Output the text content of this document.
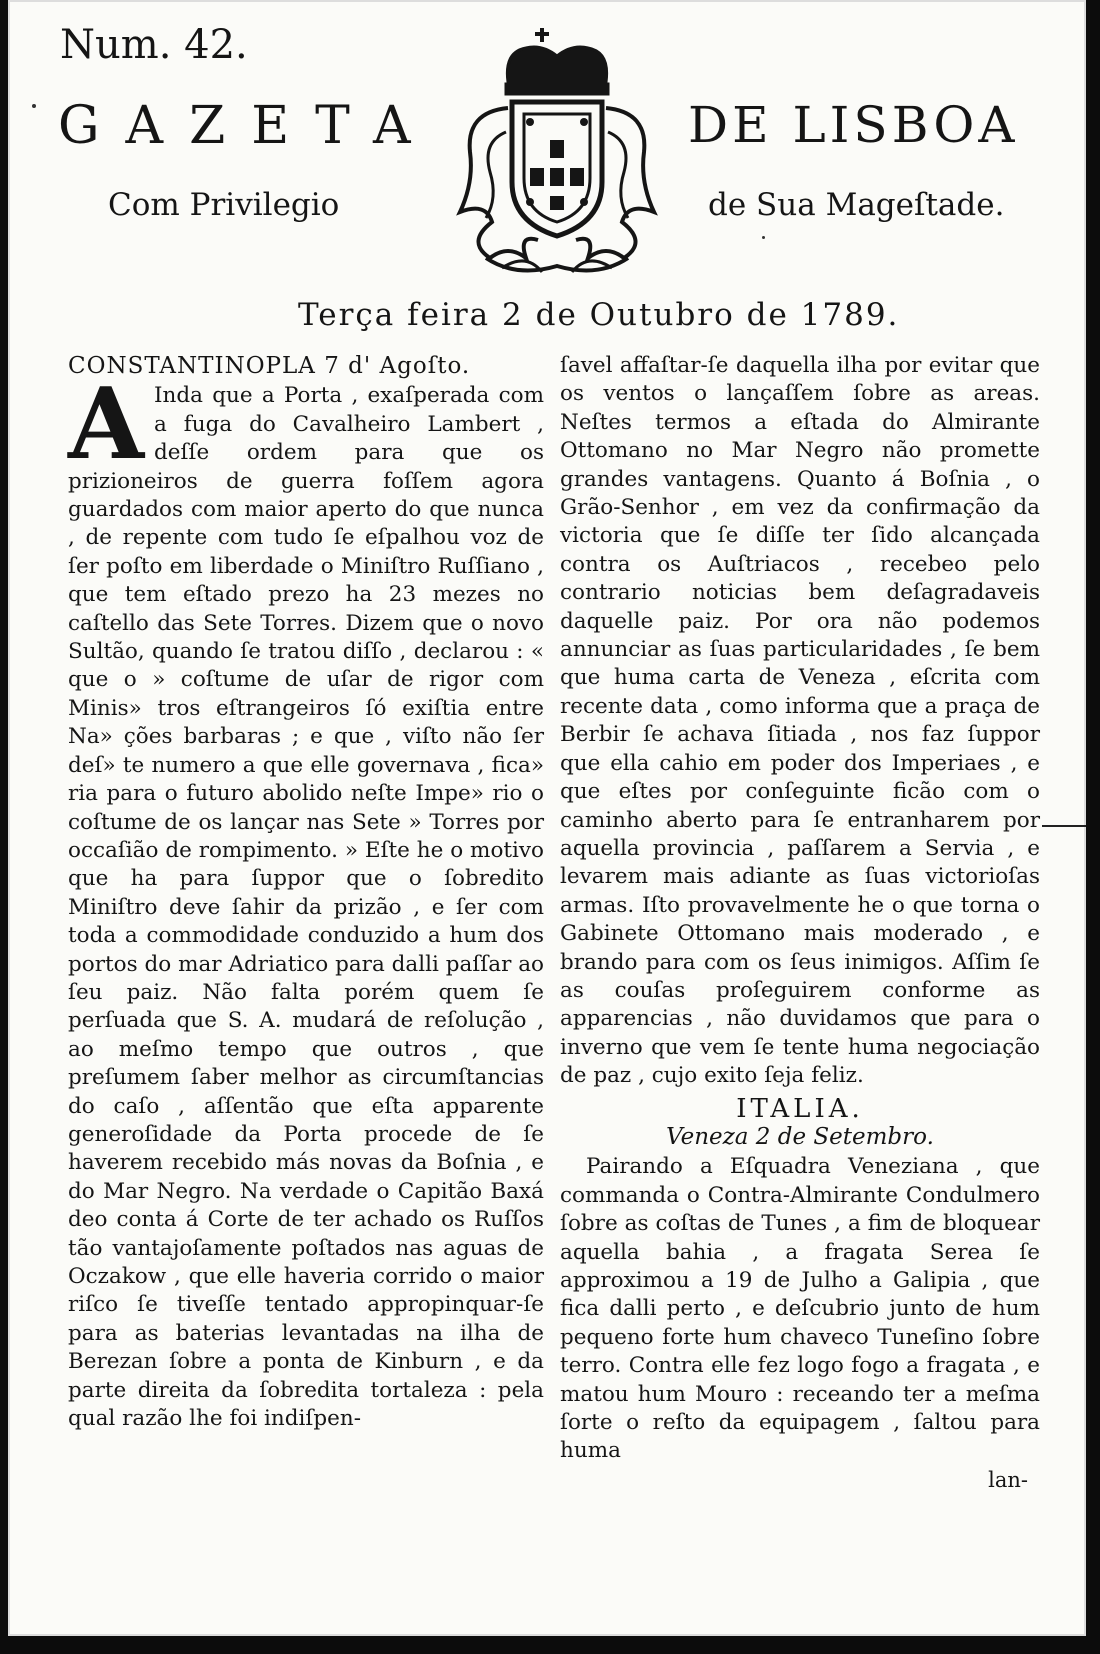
Num. 42.
GAZETA	DE LISBOA
Com Privilegio	de Sua Mageſtade.
Terça feira 2 de Outubro de 1789.
CONSTANTINOPLA 7 d' Agoſto.

A Inda que a Porta , exaſperada com a fuga do Cavalheiro Lambert , deſſe ordem para que os prizioneiros de guerra foſſem agora guardados com maior aperto do que nunca , de repente com tudo ſe eſpalhou voz de ſer poſto em liberdade o Miniſtro Ruſſiano , que tem eſtado prezo ha 23 mezes no caſtello das Sete Torres. Dizem que o novo Sultão, quando ſe tratou diſſo , declarou : « que o » coſtume de uſar de rigor com Minis» tros eſtrangeiros ſó exiſtia entre Na» ções barbaras ; e que , viſto não ſer deſ» te numero a que elle governava , fica» ria para o futuro abolido neſte Impe» rio o coſtume de os lançar nas Sete » Torres por occaſião de rompimento. » Eſte he o motivo que ha para ſuppor que o ſobredito Miniſtro deve ſahir da prizão , e ſer com toda a commodidade conduzido a hum dos portos do mar Adriatico para dalli paſſar ao ſeu paiz. Não falta porém quem ſe perſuada que S. A. mudará de reſolução , ao meſmo tempo que outros , que preſumem ſaber melhor as circumſtancias do caſo , aſſentão que eſta apparente generoſidade da Porta procede de ſe haverem recebido más novas da Boſnia , e do Mar Negro. Na verdade o Capitão Baxá deo conta á Corte de ter achado os Ruſſos tão vantajoſamente poſtados nas aguas de Oczakow , que elle haveria corrido o maior riſco ſe tiveſſe tentado appropinquar-ſe para as baterias levantadas na ilha de Berezan ſobre a ponta de Kinburn , e da parte direita da ſobredita tortaleza : pela qual razão lhe foi indiſpen-

ſavel affaſtar-ſe daquella ilha por evitar que os ventos o lançaſſem ſobre as areas. Neſtes termos a eſtada do Almirante Ottomano no Mar Negro não promette grandes vantagens. Quanto á Boſnia , o Grão-Senhor , em vez da confirmação da victoria que ſe diſſe ter ſido alcançada contra os Auſtriacos , recebeo pelo contrario noticias bem deſagradaveis daquelle paiz. Por ora não podemos annunciar as ſuas particularidades , ſe bem que huma carta de Veneza , eſcrita com recente data , como informa que a praça de Berbir ſe achava ſitiada , nos faz ſuppor que ella cahio em poder dos Imperiaes , e que eſtes por conſeguinte ficão com o caminho aberto para ſe entranharem por aquella provincia , paſſarem a Servia , e levarem mais adiante as ſuas victorioſas armas. Iſto provavelmente he o que torna o Gabinete Ottomano mais moderado , e brando para com os ſeus inimigos. Aſſim ſe as couſas proſeguirem conforme as apparencias , não duvidamos que para o inverno que vem ſe tente huma negociação de paz , cujo exito ſeja feliz.

ITALIA.
Veneza 2 de Setembro.

Pairando a Eſquadra Veneziana , que commanda o Contra-Almirante Condulmero ſobre as coſtas de Tunes , a fim de bloquear aquella bahia , a fragata Serea ſe approximou a 19 de Julho a Galipia , que fica dalli perto , e deſcubrio junto de hum pequeno forte hum chaveco Tuneſino ſobre terro. Contra elle fez logo fogo a fragata , e matou hum Mouro : receando ter a meſma ſorte o reſto da equipagem , ſaltou para huma

lan-
